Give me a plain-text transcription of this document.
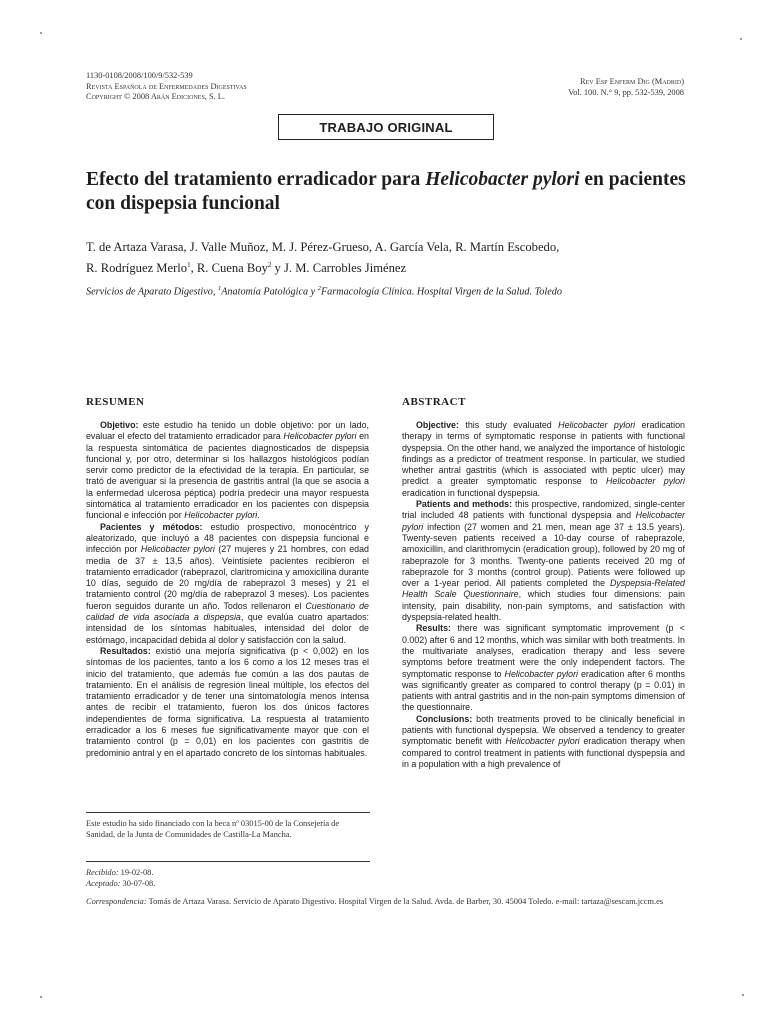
1130-0108/2008/100/9/532-539
Revista Española de Enfermedades Digestivas
Copyright © 2008 Arán Ediciones, S. L.
Rev Esp Enferm Dig (Madrid)
Vol. 100. N.° 9, pp. 532-539, 2008
TRABAJO ORIGINAL
Efecto del tratamiento erradicador para Helicobacter pylori en pacientes con dispepsia funcional
T. de Artaza Varasa, J. Valle Muñoz, M. J. Pérez-Grueso, A. García Vela, R. Martín Escobedo,
R. Rodríguez Merlo$^1$, R. Cuena Boy$^2$ y J. M. Carrobles Jiménez
Servicios de Aparato Digestivo, $^1$Anatomía Patológica y $^2$Farmacología Clínica. Hospital Virgen de la Salud. Toledo
RESUMEN	ABSTRACT

Objetivo: este estudio ha tenido un doble objetivo: por un lado, evaluar el efecto del tratamiento erradicador para Helicobacter pylori en la respuesta sintomática de pacientes diagnosticados de dispepsia funcional y, por otro, determinar si los hallazgos histológicos podían servir como predictor de la efectividad de la terapia. En particular, se trató de averiguar si la presencia de gastritis antral (la que se asocia a la enfermedad ulcerosa péptica) podría predecir una mayor respuesta sintomática al tratamiento erradicador en los pacientes con dispepsia funcional e infección por Helicobacter pylori.

Pacientes y métodos: estudio prospectivo, monocéntrico y aleatorizado, que incluyó a 48 pacientes con dispepsia funcional e infección por Helicobacter pylori (27 mujeres y 21 hombres, con edad media de 37 ± 13,5 años). Veintisiete pacientes recibieron el tratamiento erradicador (rabeprazol, claritromicina y amoxicilina durante 10 días, seguido de 20 mg/día de rabeprazol 3 meses) y 21 el tratamiento control (20 mg/día de rabeprazol 3 meses). Los pacientes fueron seguidos durante un año. Todos rellenaron el Cuestionario de calidad de vida asociada a dispepsia, que evalúa cuatro apartados: intensidad de los síntomas habituales, intensidad del dolor de estómago, incapacidad debida al dolor y satisfacción con la salud.

Resultados: existió una mejoría significativa (p < 0,002) en los síntomas de los pacientes, tanto a los 6 como a los 12 meses tras el inicio del tratamiento, que además fue común a las dos pautas de tratamiento. En el análisis de regresión lineal múltiple, los efectos del tratamiento erradicador y de tener una sintomatología menos intensa antes de recibir el tratamiento, fueron los dos únicos factores independientes de forma significativa. La respuesta al tratamiento erradicador a los 6 meses fue significativamente mayor que con el tratamiento control (p = 0,01) en los pacientes con gastritis de predominio antral y en el apartado concreto de los síntomas habituales.

Objective: this study evaluated Helicobacter pylori eradication therapy in terms of symptomatic response in patients with functional dyspepsia. On the other hand, we analyzed the importance of histologic findings as a predictor of treatment response. In particular, we studied whether antral gastritis (which is associated with peptic ulcer) may predict a greater symptomatic response to Helicobacter pylori eradication in functional dyspepsia.

Patients and methods: this prospective, randomized, single-center trial included 48 patients with functional dyspepsia and Helicobacter pylori infection (27 women and 21 men, mean age 37 ± 13.5 years). Twenty-seven patients received a 10-day course of rabeprazole, amoxicillin, and clarithromycin (eradication group), followed by 20 mg of rabeprazole for 3 months. Twenty-one patients received 20 mg of rabeprazole for 3 months (control group). Patients were followed up over a 1-year period. All patients completed the Dyspepsia-Related Health Scale Questionnaire, which studies four dimensions: pain intensity, pain disability, non-pain symptoms, and satisfaction with dyspepsia-related health.

Results: there was significant symptomatic improvement (p < 0.002) after 6 and 12 months, which was similar with both treatments. In the multivariate analyses, eradication therapy and less severe symptoms before treatment were the only independent factors. The symptomatic response to Helicobacter pylori eradication after 6 months was significantly greater as compared to control therapy (p = 0.01) in patients with antral gastritis and in the non-pain symptoms dimension of the questionnaire.

Conclusions: both treatments proved to be clinically beneficial in patients with functional dyspepsia. We observed a tendency to greater symptomatic benefit with Helicobacter pylori eradication therapy when compared to control treatment in patients with functional dyspepsia and in a population with a high prevalence of

Este estudio ha sido financiado con la beca nº 03015-00 de la Consejería de Sanidad, de la Junta de Comunidades de Castilla-La Mancha.
Recibido: 19-02-08.
Aceptado: 30-07-08.
Correspondencia: Tomás de Artaza Varasa. Servicio de Aparato Digestivo. Hospital Virgen de la Salud. Avda. de Barber, 30. 45004 Toledo. e-mail: tartaza@sescam.jccm.es
